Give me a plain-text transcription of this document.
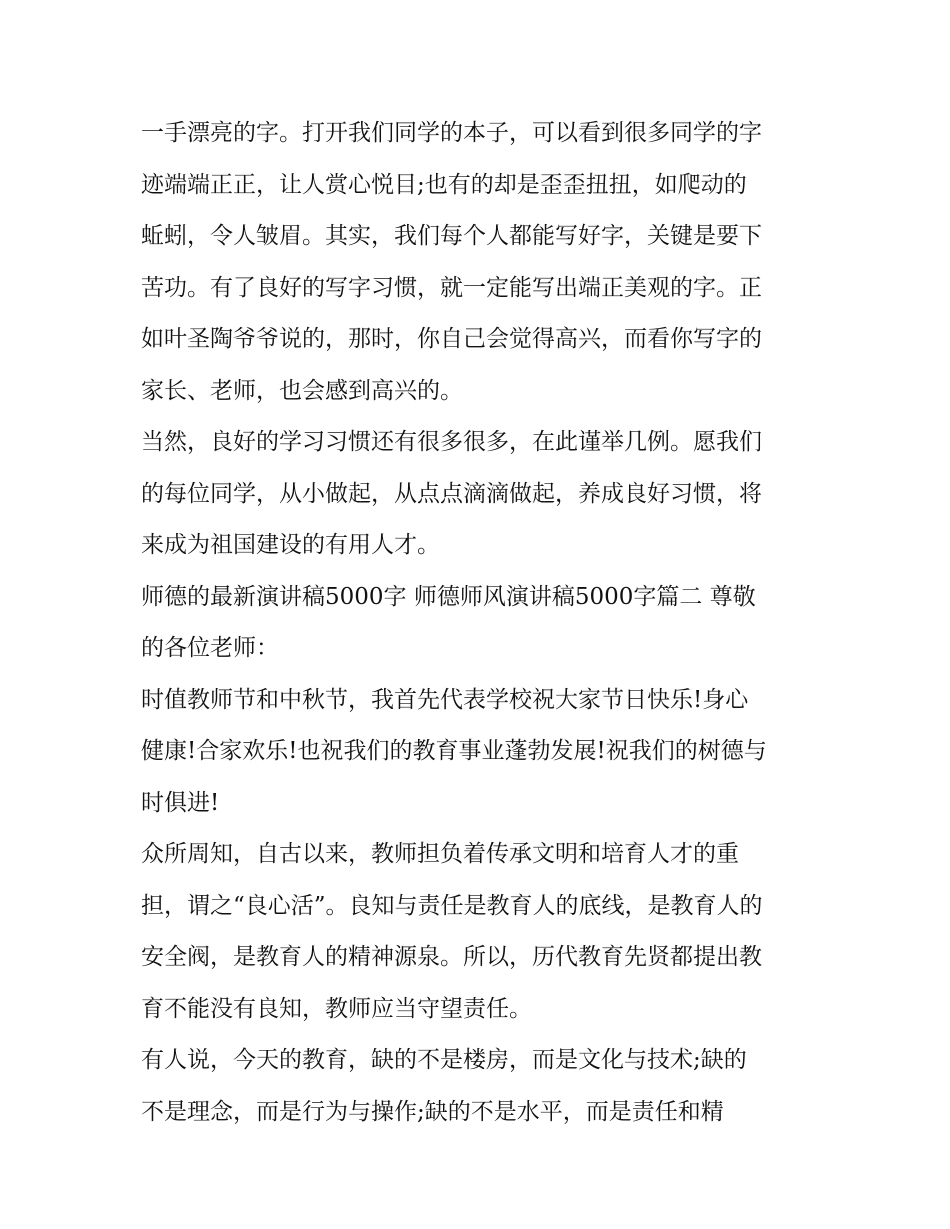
一手漂亮的字。打开我们同学的本子，可以看到很多同学的字
迹端端正正，让人赏心悦目;也有的却是歪歪扭扭，如爬动的
蚯蚓，令人皱眉。其实，我们每个人都能写好字，关键是要下
苦功。有了良好的写字习惯，就一定能写出端正美观的字。正
如叶圣陶爷爷说的，那时，你自己会觉得高兴，而看你写字的
家长、老师，也会感到高兴的。
当然，良好的学习习惯还有很多很多，在此谨举几例。愿我们
的每位同学，从小做起，从点点滴滴做起，养成良好习惯，将
来成为祖国建设的有用人才。
师德的最新演讲稿5000字 师德师风演讲稿5000字篇二 尊敬
的各位老师：
时值教师节和中秋节，我首先代表学校祝大家节日快乐!身心
健康!合家欢乐!也祝我们的教育事业蓬勃发展!祝我们的树德与
时俱进!
众所周知，自古以来，教师担负着传承文明和培育人才的重
担，谓之“良心活”。良知与责任是教育人的底线，是教育人的
安全阀，是教育人的精神源泉。所以，历代教育先贤都提出教
育不能没有良知，教师应当守望责任。
有人说，今天的教育，缺的不是楼房，而是文化与技术;缺的
不是理念，而是行为与操作;缺的不是水平，而是责任和精
